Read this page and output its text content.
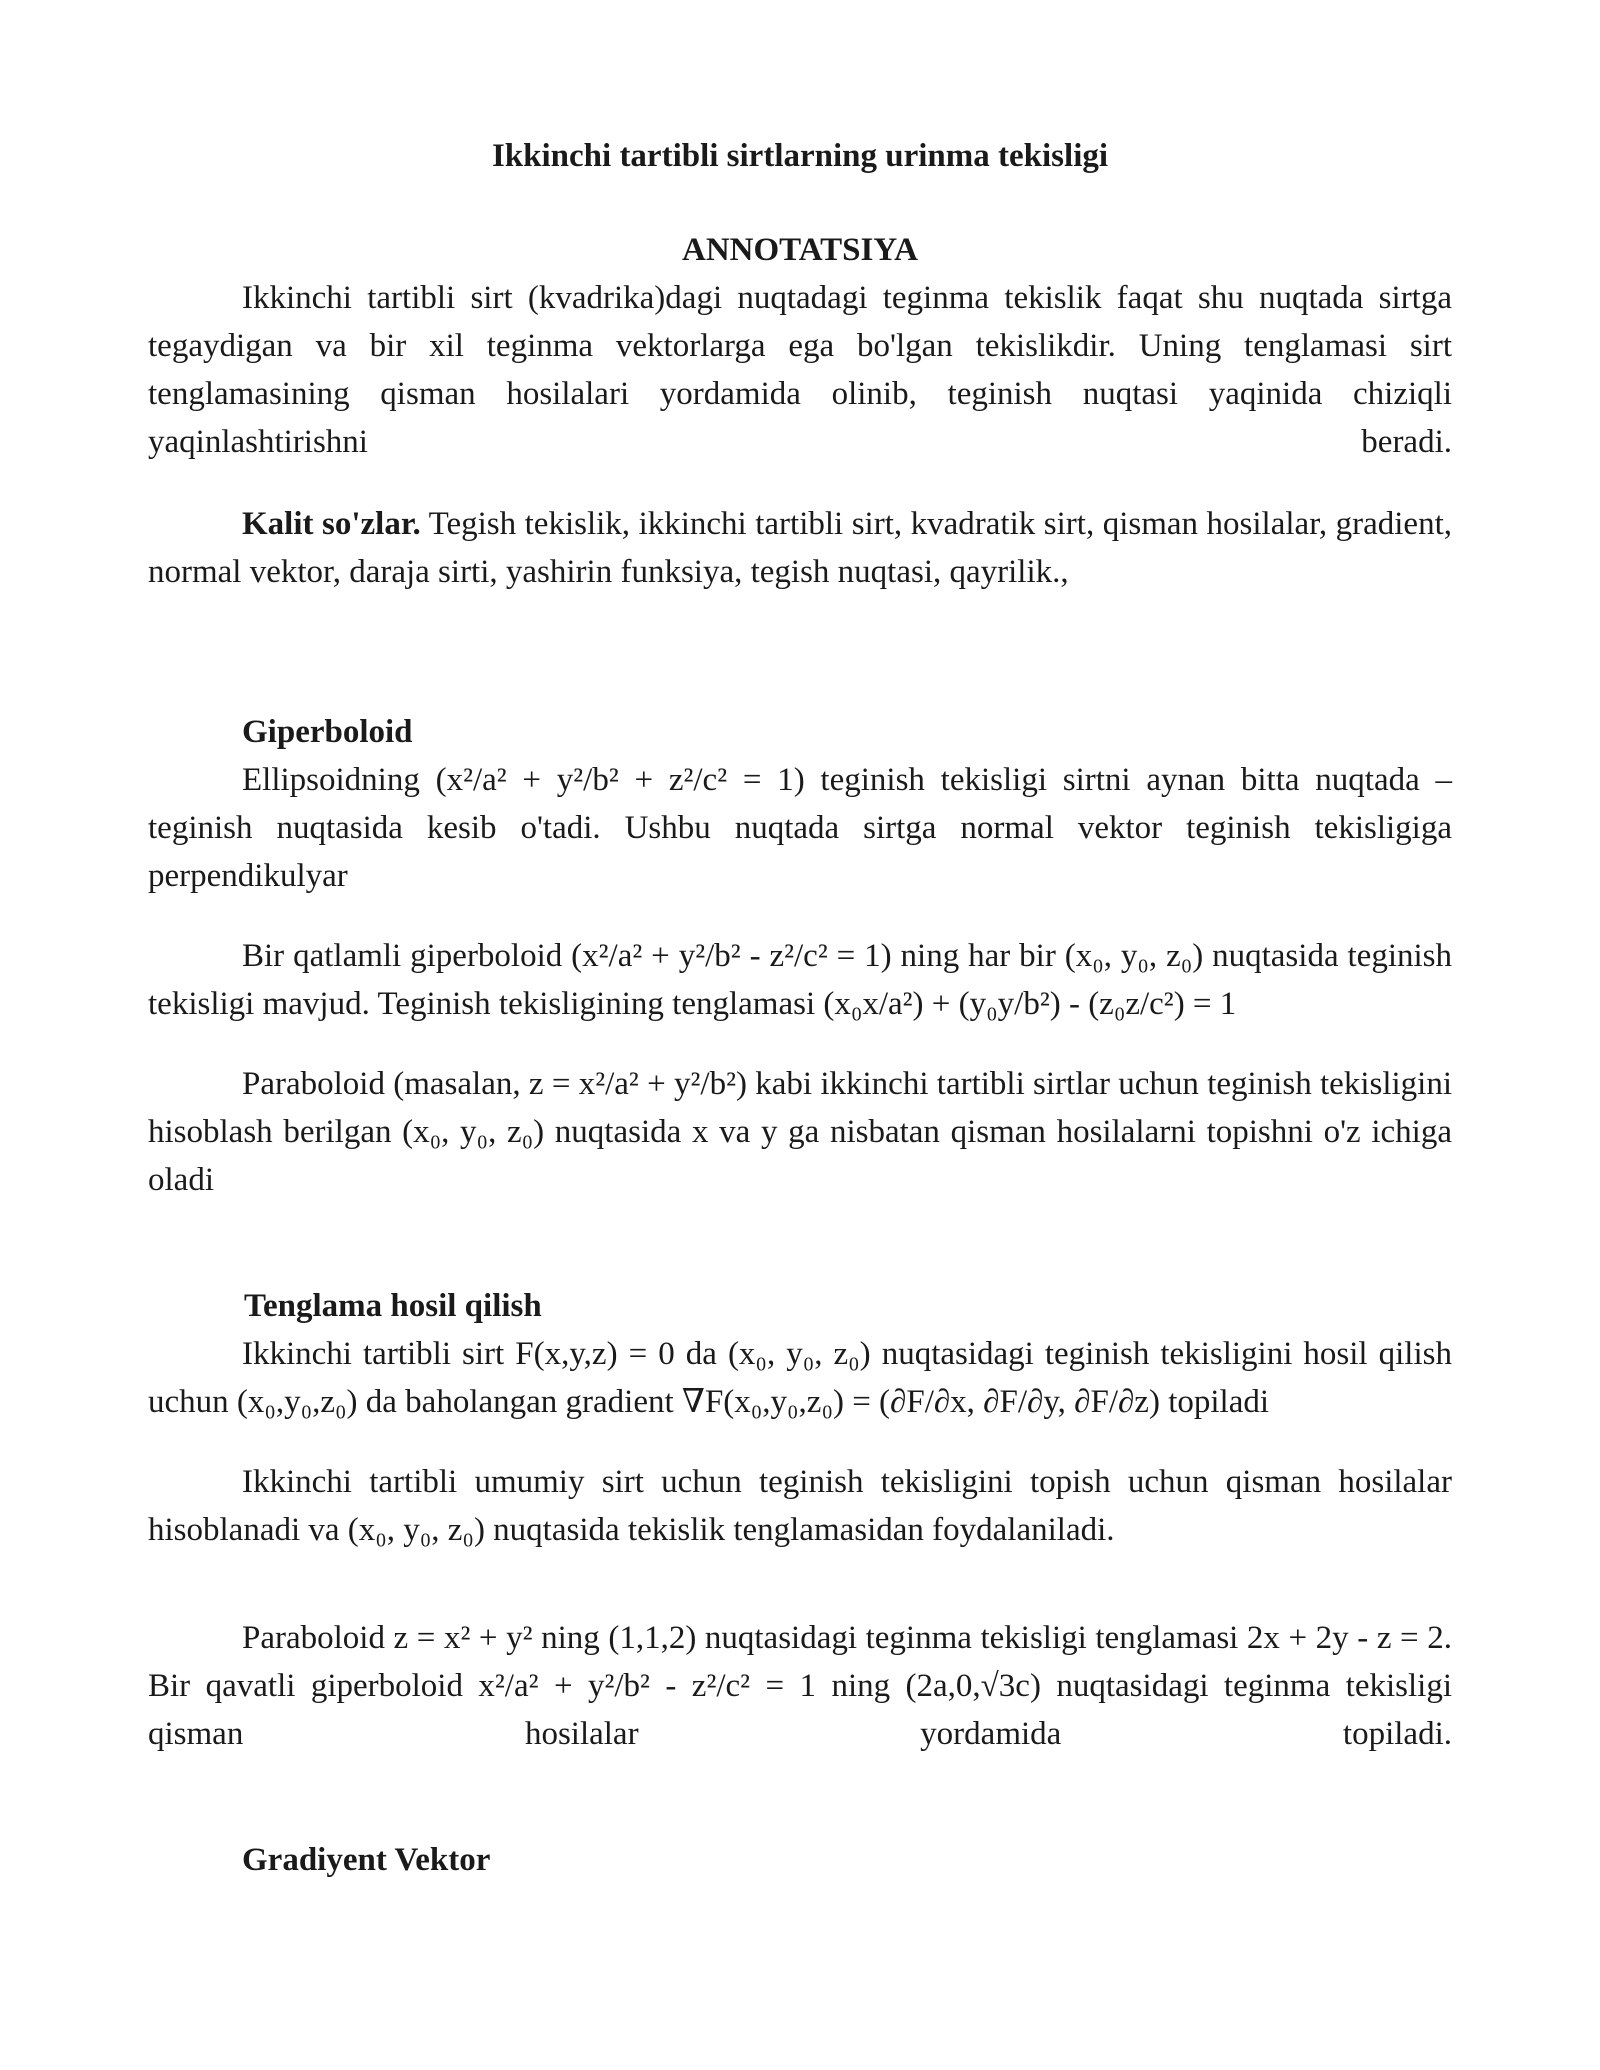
Ikkinchi tartibli sirtlarning urinma tekisligi
ANNOTATSIYA

Ikkinchi tartibli sirt (kvadrika)dagi nuqtadagi teginma tekislik faqat shu nuqtada sirtga tegaydigan va bir xil teginma vektorlarga ega bo'lgan tekislikdir. Uning tenglamasi sirt tenglamasining qisman hosilalari yordamida olinib, teginish nuqtasi yaqinida chiziqli yaqinlashtirishni beradi.

Kalit so'zlar. Tegish tekislik, ikkinchi tartibli sirt, kvadratik sirt, qisman hosilalar, gradient, normal vektor, daraja sirti, yashirin funksiya, tegish nuqtasi, qayrilik.,

Giperboloid

Ellipsoidning (x²/a² + y²/b² + z²/c² = 1) teginish tekisligi sirtni aynan bitta nuqtada – teginish nuqtasida kesib o'tadi. Ushbu nuqtada sirtga normal vektor teginish tekisligiga perpendikulyar

Bir qatlamli giperboloid (x²/a² + y²/b² - z²/c² = 1) ning har bir (x₀, y₀, z₀) nuqtasida teginish tekisligi mavjud. Teginish tekisligining tenglamasi (x₀x/a²) + (y₀y/b²) - (z₀z/c²) = 1

Paraboloid (masalan, z = x²/a² + y²/b²) kabi ikkinchi tartibli sirtlar uchun teginish tekisligini hisoblash berilgan (x₀, y₀, z₀) nuqtasida x va y ga nisbatan qisman hosilalarni topishni o'z ichiga oladi

Tenglama hosil qilish

Ikkinchi tartibli sirt F(x,y,z) = 0 da (x₀, y₀, z₀) nuqtasidagi teginish tekisligini hosil qilish uchun (x₀,y₀,z₀) da baholangan gradient ∇F(x₀,y₀,z₀) = (∂F/∂x, ∂F/∂y, ∂F/∂z) topiladi

Ikkinchi tartibli umumiy sirt uchun teginish tekisligini topish uchun qisman hosilalar hisoblanadi va (x₀, y₀, z₀) nuqtasida tekislik tenglamasidan foydalaniladi.

Paraboloid z = x² + y² ning (1,1,2) nuqtasidagi teginma tekisligi tenglamasi 2x + 2y - z = 2. Bir qavatli giperboloid x²/a² + y²/b² - z²/c² = 1 ning (2a,0,√3c) nuqtasidagi teginma tekisligi qisman hosilalar yordamida topiladi.

Gradiyent Vektor
